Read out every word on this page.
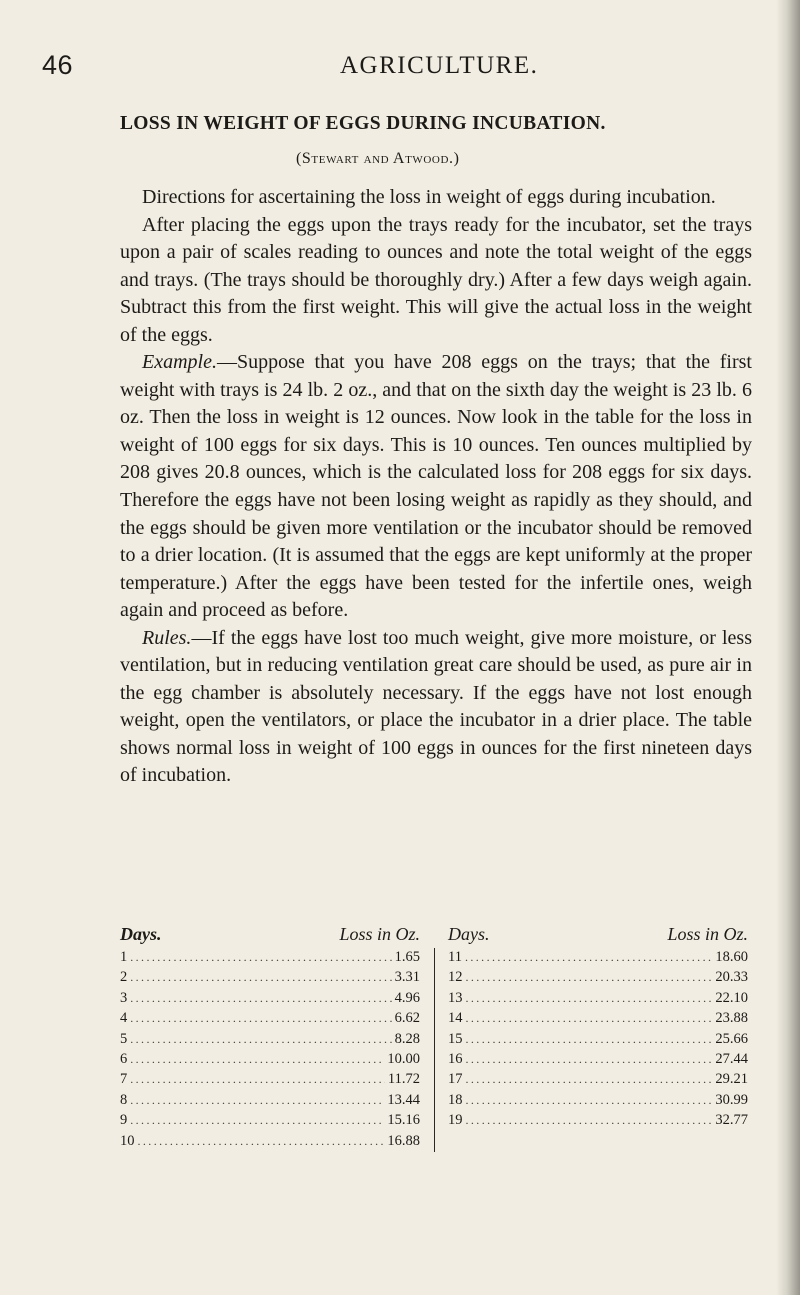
46	AGRICULTURE.
LOSS IN WEIGHT OF EGGS DURING INCUBATION.
(Stewart and Atwood.)

Directions for ascertaining the loss in weight of eggs during incubation.

After placing the eggs upon the trays ready for the incubator, set the trays upon a pair of scales reading to ounces and note the total weight of the eggs and trays. (The trays should be thoroughly dry.) After a few days weigh again. Subtract this from the first weight. This will give the actual loss in the weight of the eggs.

Example.—Suppose that you have 208 eggs on the trays; that the first weight with trays is 24 lb. 2 oz., and that on the sixth day the weight is 23 lb. 6 oz. Then the loss in weight is 12 ounces. Now look in the table for the loss in weight of 100 eggs for six days. This is 10 ounces. Ten ounces multiplied by 208 gives 20.8 ounces, which is the calculated loss for 208 eggs for six days. Therefore the eggs have not been losing weight as rapidly as they should, and the eggs should be given more ventilation or the incubator should be removed to a drier location. (It is assumed that the eggs are kept uniformly at the proper temperature.) After the eggs have been tested for the infertile ones, weigh again and proceed as before.

Rules.—If the eggs have lost too much weight, give more moisture, or less ventilation, but in reducing ventilation great care should be used, as pure air in the egg chamber is absolutely necessary. If the eggs have not lost enough weight, open the ventilators, or place the incubator in a drier place. The table shows normal loss in weight of 100 eggs in ounces for the first nineteen days of incubation.

Days.	Loss in Oz.
1 .....	1.65
2 .....	3.31
3 .....	4.96
4 .....	6.62
5 .....	8.28
6 .....	10.00
7 .....	11.72
8 .....	13.44
9 .....	15.16
10 .....	16.88
Days.	Loss in Oz.
11 .....	18.60
12 .....	20.33
13 .....	22.10
14 .....	23.88
15 .....	25.66
16 .....	27.44
17 .....	29.21
18 .....	30.99
19 .....	32.77
